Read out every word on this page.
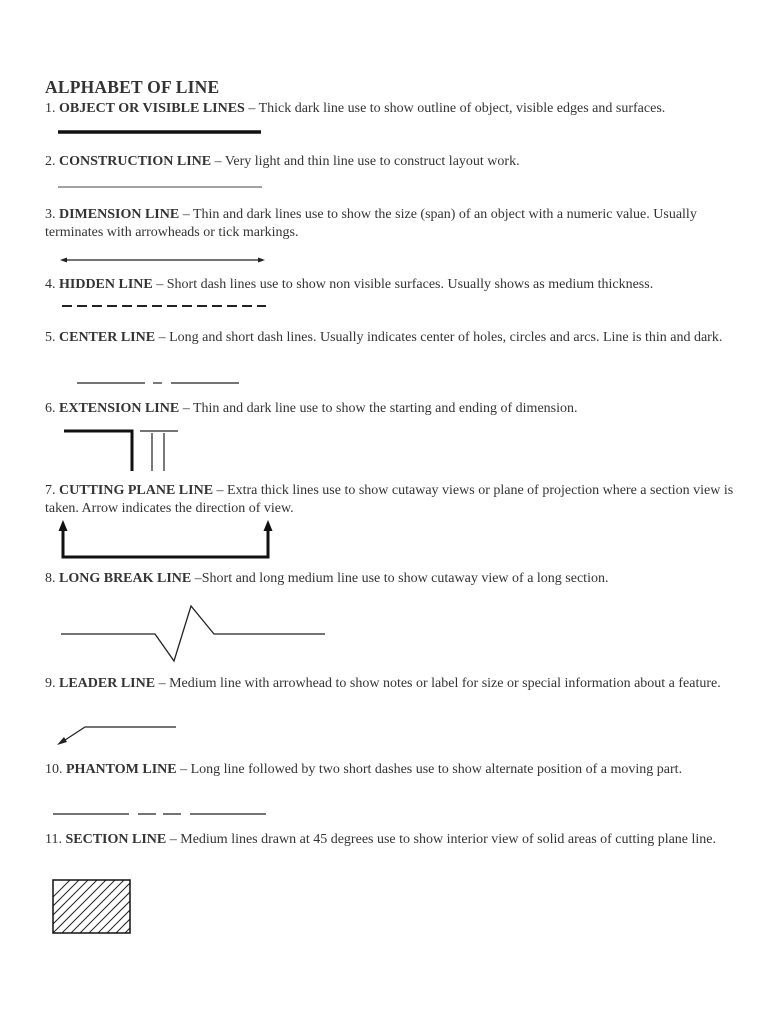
ALPHABET OF LINE
1. OBJECT OR VISIBLE LINES – Thick dark line use to show outline of object, visible edges and surfaces.
2. CONSTRUCTION LINE – Very light and thin line use to construct layout work.
3. DIMENSION LINE – Thin and dark lines use to show the size (span) of an object with a numeric value. Usually terminates with arrowheads or tick markings.
4. HIDDEN LINE – Short dash lines use to show non visible surfaces. Usually shows as medium thickness.
5. CENTER LINE – Long and short dash lines. Usually indicates center of holes, circles and arcs. Line is thin and dark.
6. EXTENSION LINE – Thin and dark line use to show the starting and ending of dimension.
7. CUTTING PLANE LINE – Extra thick lines use to show cutaway views or plane of projection where a section view is taken. Arrow indicates the direction of view.
8. LONG BREAK LINE –Short and long medium line use to show cutaway view of a long section.
9. LEADER LINE – Medium line with arrowhead to show notes or label for size or special information about a feature.
10. PHANTOM LINE – Long line followed by two short dashes use to show alternate position of a moving part.
11. SECTION LINE – Medium lines drawn at 45 degrees use to show interior view of solid areas of cutting plane line.
